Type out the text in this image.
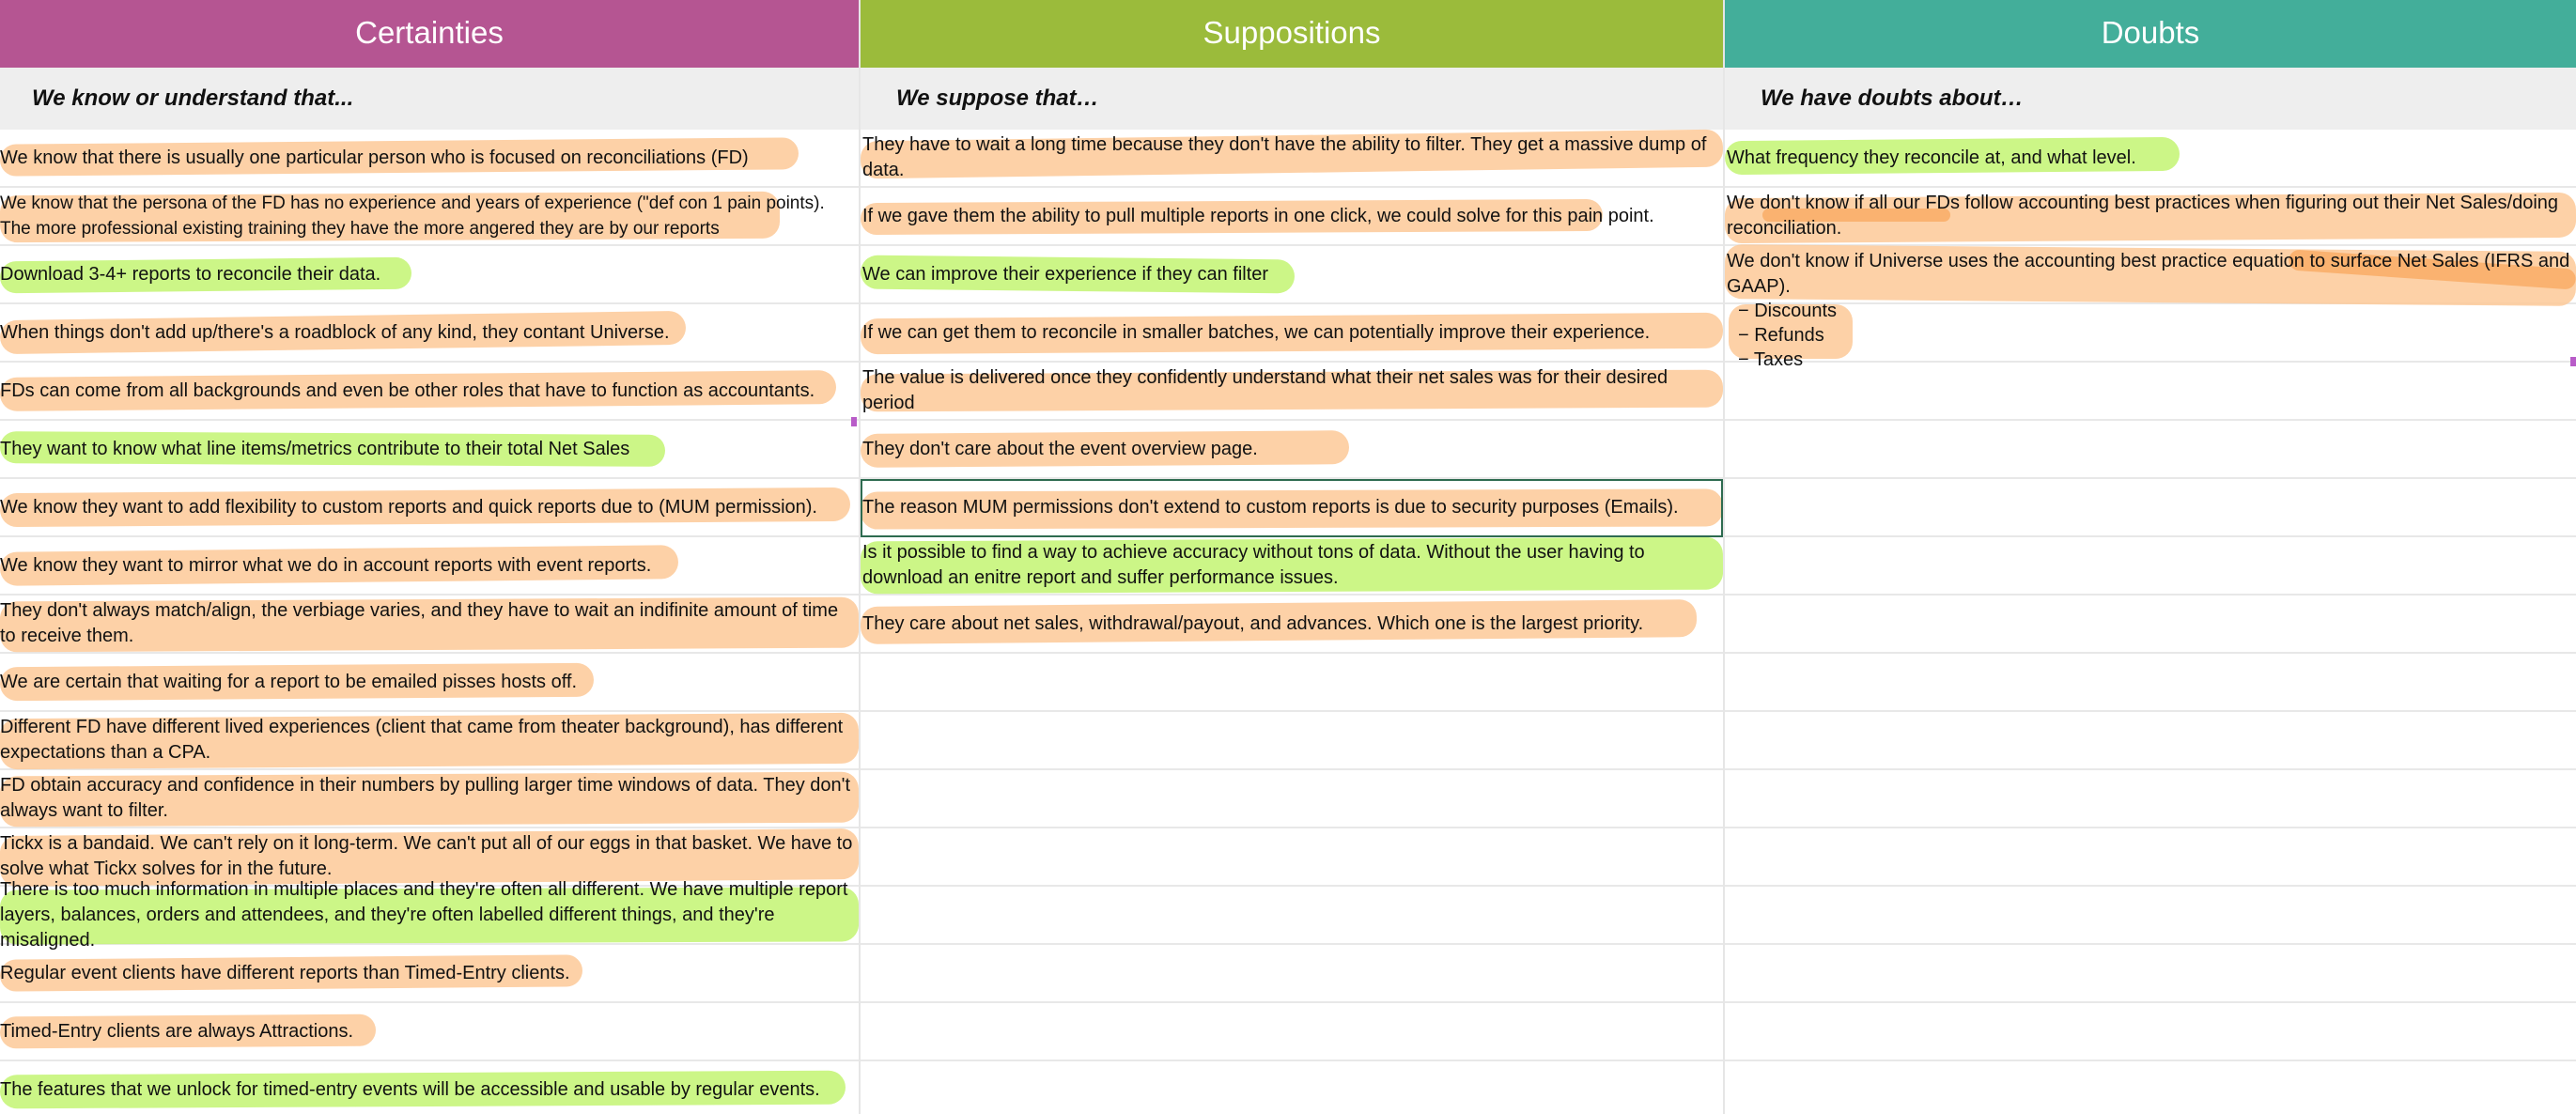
Certainties
We know or understand that...
We know that there is usually one particular person who is focused on reconciliations (FD)
We know that the persona of the FD has no experience and years of experience ("def con 1 pain points). The more professional existing training they have the more angered they are by our reports
Download 3-4+ reports to reconcile their data.
When things don't add up/there's a roadblock of any kind, they contant Universe.
FDs can come from all backgrounds and even be other roles that have to function as accountants.
They want to know what line items/metrics contribute to their total Net Sales
We know they want to add flexibility to custom reports and quick reports due to (MUM permission).
We know they want to mirror what we do in account reports with event reports.
They don't always match/align, the verbiage varies, and they have to wait an indifinite amount of time to receive them.
We are certain that waiting for a report to be emailed pisses hosts off.
Different FD have different lived experiences (client that came from theater background), has different expectations than a CPA.
FD obtain accuracy and confidence in their numbers by pulling larger time windows of data. They don't always want to filter.
Tickx is a bandaid. We can't rely on it long-term. We can't put all of our eggs in that basket. We have to solve what Tickx solves for in the future.
There is too much information in multiple places and they're often all different. We have multiple report layers, balances, orders and attendees, and they're often labelled different things, and they're misaligned.
Regular event clients have different reports than Timed-Entry clients.
Timed-Entry clients are always Attractions.
The features that we unlock for timed-entry events will be accessible and usable by regular events.
Suppositions
We suppose that…
They have to wait a long time because they don't have the ability to filter. They get a massive dump of data.
If we gave them the ability to pull multiple reports in one click, we could solve for this pain point.
We can improve their experience if they can filter
If we can get them to reconcile in smaller batches, we can potentially improve their experience.
The value is delivered once they confidently understand what their net sales was for their desired period
They don't care about the event overview page.
The reason MUM permissions don't extend to custom reports is due to security purposes (Emails).
Is it possible to find a way to achieve accuracy without tons of data. Without the user having to download an enitre report and suffer performance issues.
They care about net sales, withdrawal/payout, and advances. Which one is the largest priority.
Doubts
We have doubts about…
What frequency they reconcile at, and what level.
We don't know if all our FDs follow accounting best practices when figuring out their Net Sales/doing reconciliation.
We don't know if Universe uses the accounting best practice equation to surface Net Sales (IFRS and GAAP).
− Discounts
− Refunds
− Taxes
